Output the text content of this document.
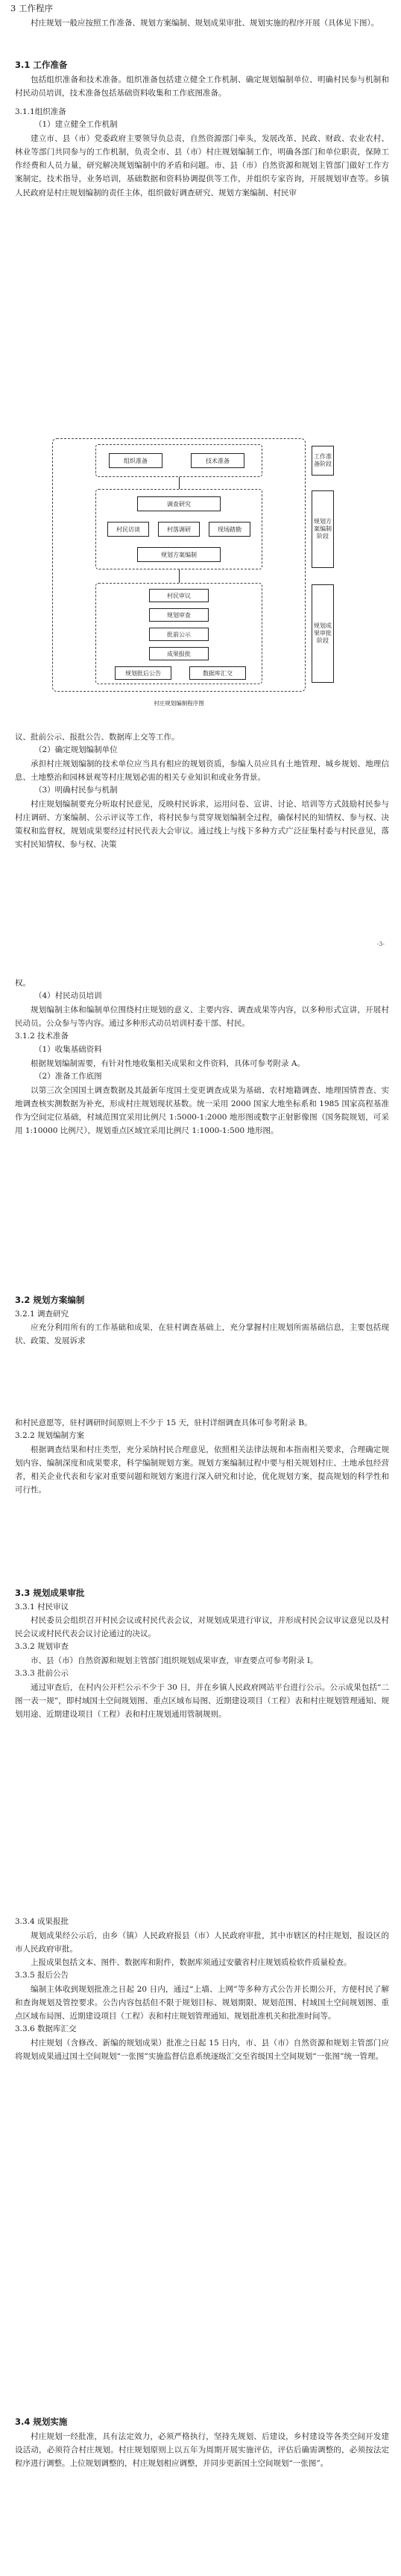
3 工作程序
村庄规划一般应按照工作准备、规划方案编制、规划成果审批、规划实施的程序开展（具体见下图）。
3.1 工作准备
包括组织准备和技术准备。组织准备包括建立健全工作机制、确定规划编制单位、明确村民参与机制和村民动员培训，技术准备包括基础资料收集和工作底图准备。
3.1.1组织准备
（1）建立健全工作机制
建立市、县（市）党委政府主要领导负总责，自然资源部门牵头，发展改革、民政、财政、农业农村、林业等部门共同参与的工作机制，负责全市、县（市）村庄规划编制工作，明确各部门和单位职责，保障工作经费和人员力量，研究解决规划编制中的矛盾和问题。市、县（市）自然资源和规划主管部门做好工作方案制定，技术指导，业务培训，基础数据和资料协调提供等工作，并组织专家咨询，开展规划审查等。乡镇人民政府是村庄规划编制的责任主体，组织做好调查研究、规划方案编制、村民审
组织准备	技术准备
调查研究
村民访谈	村落调研	现场踏勘
规划方案编制
村民审议
规划审查
批前公示
成果报批
规划批后公告	数据库汇交
工作准备阶段
规划方案编制阶段
规划成果审批阶段
村庄规划编制程序图
议、批前公示、报批公告、数据库上交等工作。
（2）确定规划编制单位
承担村庄规划编制的技术单位应当具有相应的规划资质，参编人员应具有土地管理、城乡规划、地理信息、土地整治和园林景观等村庄规划必需的相关专业知识和或业务背景。
（3）明确村民参与机制
村庄规划编制要充分听取村民意见，反映村民诉求，运用问卷、宣讲、讨论、培训等方式鼓励村民参与村庄调研、方案编制、公示评议等工作，将村民参与贯穿规划编制全过程，确保村民的知情权、参与权、决策权和监督权，规划成果要经过村民代表大会审议。通过线上与线下多种方式广泛征集村委与村民意见，落实村民知情权、参与权、决策
-3-
权。
（4）村民动员培训
规划编制主体和编制单位围绕村庄规划的意义、主要内容、调查成果等内容，以多种形式宣讲，开展村民动员。公众参与等内容。通过多种形式动员培训村委干部、村民。
3.1.2 技术准备
（1）收集基础资料
根据规划编制需要，有针对性地收集相关成果和文件资料，具体可参考附录 A。
（2）准备工作底图
以第三次全国国土调查数据及其最新年度国土变更调查成果为基础、农村地籍调查、地理国情普查、实地调查核实测数据为补充，形成村庄规划现状基数。统一采用 2000 国家大地坐标系和 1985 国家高程基准作为空间定位基础，村域范围宜采用比例尺 1:5000-1:2000 地形图或数字正射影像图（国务院规划，可采用 1:10000 比例尺），规划重点区域宜采用比例尺 1:1000-1:500 地形图。
3.2 规划方案编制
3.2.1 调查研究
应充分利用所有的工作基础和成果，在驻村调查基础上，充分掌握村庄规划所需基础信息，主要包括现状、政策、发展诉求
和村民意愿等，驻村调研时间原则上不少于 15 天，驻村详细调查具体可参考附录 B。
3.2.2 规划编制方案
根据调查结果和村庄类型，充分采纳村民合理意见，依照相关法律法规和本指南相关要求，合理确定规划内容、编制深度和成果要求，科学编制规划方案。规划方案编制过程中要与相关规划村庄、土地承包经营者，相关企业代表和专家对重要问题和规划方案进行深入研究和讨论，优化规划方案，提高规划的科学性和可行性。
3.3 规划成果审批
3.3.1 村民审议
村民委员会组织召开村民会议或村民代表会议，对规划成果进行审议，并形成村民会议审议意见以及村民会议或村民代表会议讨论通过的决议。
3.3.2 规划审查
市、县（市）自然资源和规划主管部门组织规划成果审查，审查要点可参考附录 I。
3.3.3 批前公示
通过审查后，在村内公开栏公示不少于 30 日，并在乡镇人民政府网站平台进行公示。公示成果包括“二图一表一规”，即村域国土空间规划图、重点区域布局图、近期建设项目（工程）表和村庄规划管理通知、规划用途、近期建设项目（工程）表和村庄规划通用管制规则。
3.3.4 成果报批
规划成果经公示后，由乡（镇）人民政府报县（市）人民政府审批，其中市辖区的村庄规划，报设区的市人民政府审批。
上报成果包括文本、图件、数据库和附件，数据库须通过安徽省村庄规划质检软件质量检查。
3.3.5 报后公告
编制主体收到规划批准之日起 20 日内，通过“上墙、上网”等多种方式公告并长期公开，方便村民了解和查询规划及管控要求。公告内容包括但不限于规划目标、规划期限、规划范围、村域国土空间规划图、重点区域布局图、近期建设项目（工程）表和村庄规划管理通知、规划批准机关和批准时间等。
3.3.6 数据库汇交
村庄规划（含修改、新编的规划成果）批准之日起 15 日内，市、县（市）自然资源和规划主管部门应将规划成果通过国土空间规划“一张图”实施监督信息系统逐级汇交至省级国土空间规划“一张图”统一管理。
3.4 规划实施
村庄规划一经批准，具有法定效力，必须严格执行，坚持先规划、后建设，乡村建设等各类空间开发建设活动，必须符合村庄规划。村庄规划原则上以五年为周期开展实施评估，评估后确需调整的，必须按法定程序进行调整。上位规划调整的，村庄规划相应调整，并同步更新国土空间规划“一张图”。
